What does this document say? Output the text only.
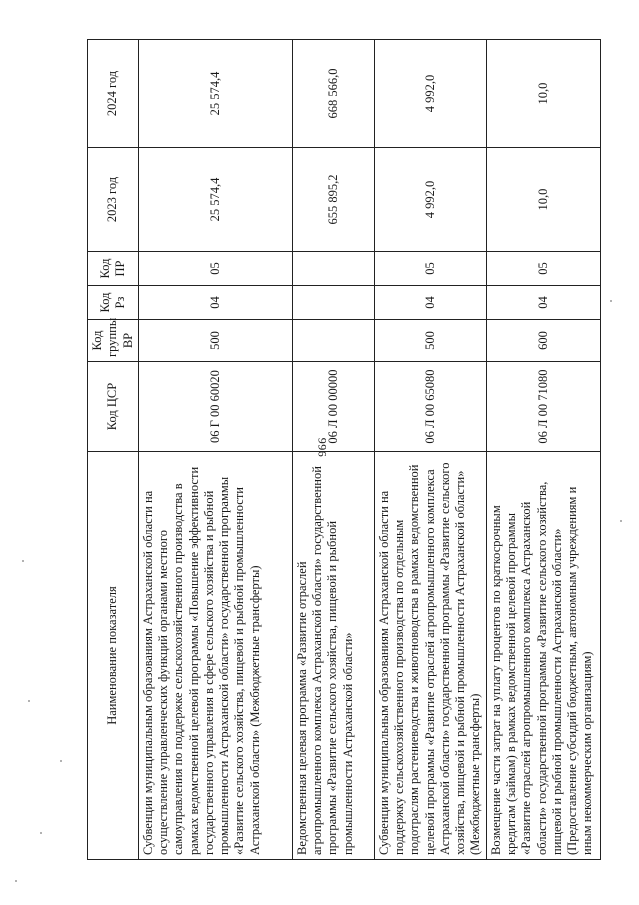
996
Наименование показателя	Код ЦСР	Код группы ВР	Код Рз	Код ПР	2023 год	2024 год
Субвенции муниципальным образованиям Астраханской области на осуществление управленческих функций органами местного самоуправления по поддержке сельскохозяйственного производства в рамках ведомственной целевой программы «Повышение эффективности государственного управления в сфере сельского хозяйства и рыбной промышленности Астраханской области» государственной программы «Развитие сельского хозяйства, пищевой и рыбной промышленности Астраханской области» (Межбюджетные трансферты)	06 Г 00 60020	500	04	05	25 574,4	25 574,4
Ведомственная целевая программа «Развитие отраслей агропромышленного комплекса Астраханской области» государственной программы «Развитие сельского хозяйства, пищевой и рыбной промышленности Астраханской области»	06 Л 00 00000				655 895,2	668 566,0
Субвенции муниципальным образованиям Астраханской области на поддержку сельскохозяйственного производства по отдельным подотраслям растениеводства и животноводства в рамках ведомственной целевой программы «Развитие отраслей агропромышленного комплекса Астраханской области» государственной программы «Развитие сельского хозяйства, пищевой и рыбной промышленности Астраханской области» (Межбюджетные трансферты)	06 Л 00 65080	500	04	05	4 992,0	4 992,0
Возмещение части затрат на уплату процентов по краткосрочным кредитам (займам) в рамках ведомственной целевой программы «Развитие отраслей агропромышленного комплекса Астраханской области» государственной программы «Развитие сельского хозяйства, пищевой и рыбной промышленности Астраханской области» (Предоставление субсидий бюджетным, автономным учреждениям и иным некоммерческим организациям)	06 Л 00 71080	600	04	05	10,0	10,0
